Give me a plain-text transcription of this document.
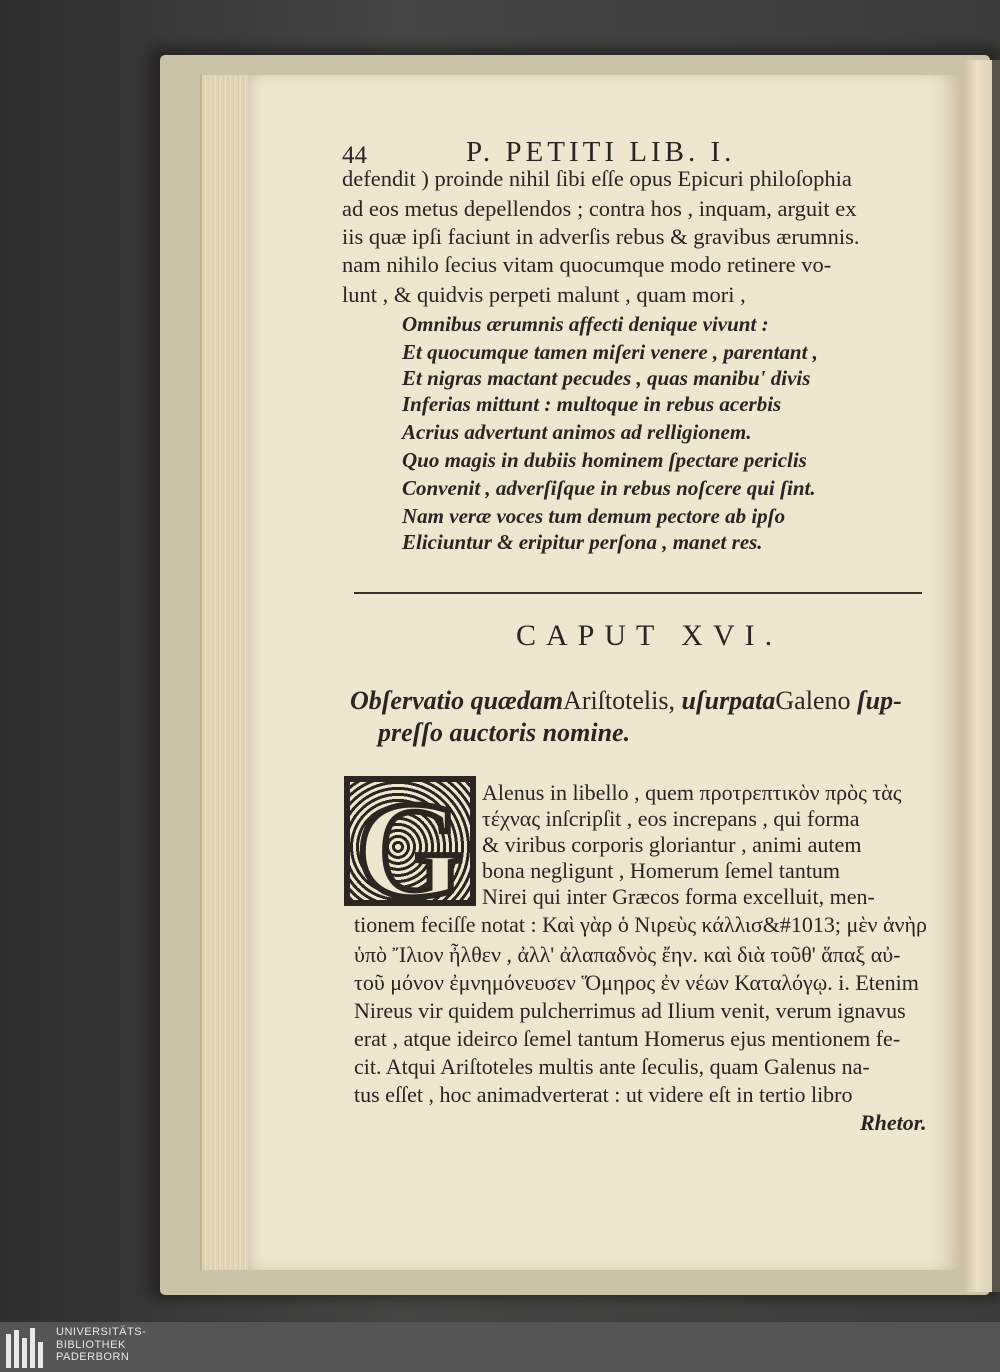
44	P. PETITI LIB. I.
defendit ) proinde nihil ſibi eſſe opus Epicuri philoſophia
ad eos metus depellendos ; contra hos , inquam, arguit ex
iis quæ ipſi faciunt in adverſis rebus & gravibus ærumnis.
nam nihilo ſecius vitam quocumque modo retinere vo-
lunt , & quidvis perpeti malunt , quam mori ,
Omnibus ærumnis affecti denique vivunt :
Et quocumque tamen miſeri venere , parentant ,
Et nigras mactant pecudes , quas manibu' divis
Inferias mittunt : multoque in rebus acerbis
Acrius advertunt animos ad relligionem.
Quo magis in dubiis hominem ſpectare periclis
Convenit , adverſiſque in rebus noſcere qui ſint.
Nam veræ voces tum demum pectore ab ipſo
Eliciuntur & eripitur perſona , manet res.
CAPUT XVI.
Obſervatio quædamAriſtotelis, uſurpataGaleno ſup-
preſſo auctoris nomine.
G Alenus in libello , quem προτρεπτικὸν πρὸς τὰς
τέχνας inſcripſit , eos increpans , qui forma
& viribus corporis gloriantur , animi autem
bona negligunt , Homerum ſemel tantum
Nirei qui inter Græcos forma excelluit, men-
tionem feciſſe notat : Καὶ γὰρ ὁ Νιρεὺς κάλλισ&#1013; μὲν ἀνὴρ
ὑπὸ Ἴλιον ἦλθεν , ἀλλ' ἀλαπαδνὸς ἔην. καὶ διὰ τοῦθ' ἅπαξ αὐ-
τοῦ μόνον ἐμνημόνευσεν Ὅμηρος ἐν νέων Καταλόγῳ. i. Etenim
Nireus vir quidem pulcherrimus ad Ilium venit, verum ignavus
erat , atque ideirco ſemel tantum Homerus ejus mentionem fe-
cit. Atqui Ariſtoteles multis ante ſeculis, quam Galenus na-
tus eſſet , hoc animadverterat : ut videre eſt in tertio libro
Rhetor.
UNIVERSITÄTS-
BIBLIOTHEK
PADERBORN
